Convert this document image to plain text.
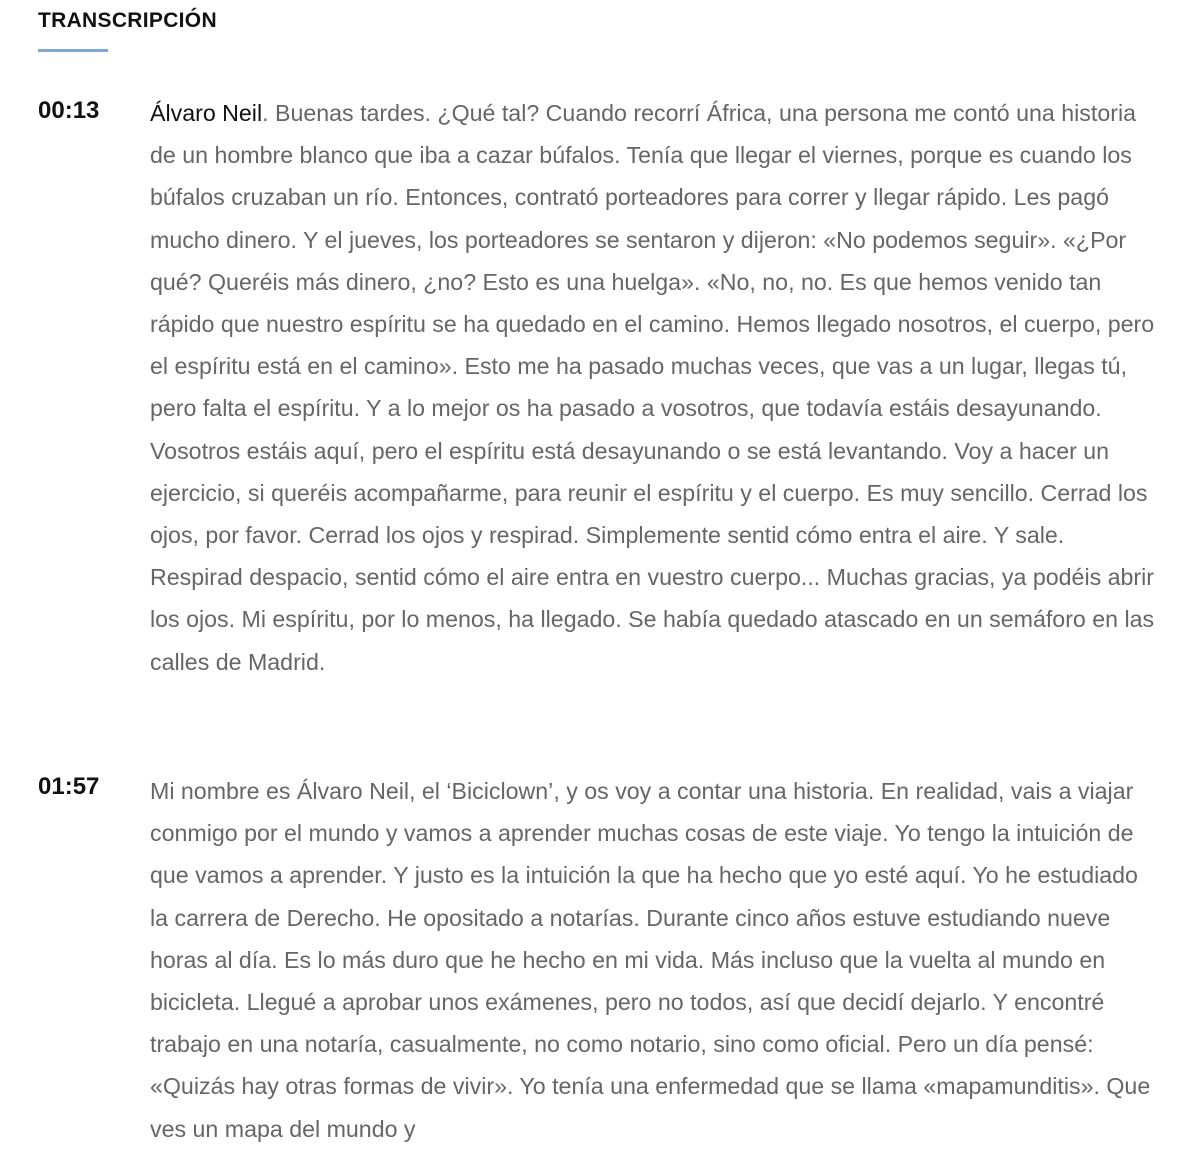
TRANSCRIPCIÓN
00:13 Álvaro Neil. Buenas tardes. ¿Qué tal? Cuando recorrí África, una persona me contó una historia de un hombre blanco que iba a cazar búfalos. Tenía que llegar el viernes, porque es cuando los búfalos cruzaban un río. Entonces, contrató porteadores para correr y llegar rápido. Les pagó mucho dinero. Y el jueves, los porteadores se sentaron y dijeron: «No podemos seguir». «¿Por qué? Queréis más dinero, ¿no? Esto es una huelga». «No, no, no. Es que hemos venido tan rápido que nuestro espíritu se ha quedado en el camino. Hemos llegado nosotros, el cuerpo, pero el espíritu está en el camino». Esto me ha pasado muchas veces, que vas a un lugar, llegas tú, pero falta el espíritu. Y a lo mejor os ha pasado a vosotros, que todavía estáis desayunando. Vosotros estáis aquí, pero el espíritu está desayunando o se está levantando. Voy a hacer un ejercicio, si queréis acompañarme, para reunir el espíritu y el cuerpo. Es muy sencillo. Cerrad los ojos, por favor. Cerrad los ojos y respirad. Simplemente sentid cómo entra el aire. Y sale. Respirad despacio, sentid cómo el aire entra en vuestro cuerpo... Muchas gracias, ya podéis abrir los ojos. Mi espíritu, por lo menos, ha llegado. Se había quedado atascado en un semáforo en las calles de Madrid.
01:57 Mi nombre es Álvaro Neil, el ‘Biciclown’, y os voy a contar una historia. En realidad, vais a viajar conmigo por el mundo y vamos a aprender muchas cosas de este viaje. Yo tengo la intuición de que vamos a aprender. Y justo es la intuición la que ha hecho que yo esté aquí. Yo he estudiado la carrera de Derecho. He opositado a notarías. Durante cinco años estuve estudiando nueve horas al día. Es lo más duro que he hecho en mi vida. Más incluso que la vuelta al mundo en bicicleta. Llegué a aprobar unos exámenes, pero no todos, así que decidí dejarlo. Y encontré trabajo en una notaría, casualmente, no como notario, sino como oficial. Pero un día pensé: «Quizás hay otras formas de vivir». Yo tenía una enfermedad que se llama «mapamunditis». Que ves un mapa del mundo y
